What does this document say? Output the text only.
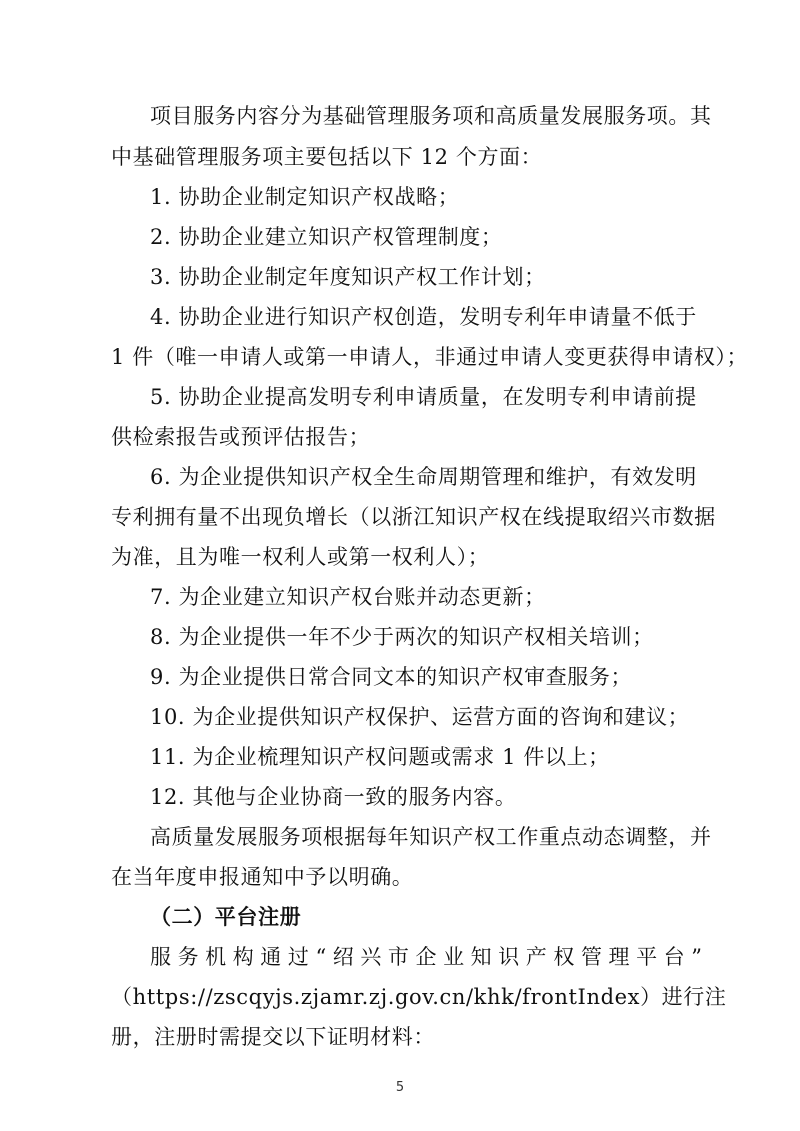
项目服务内容分为基础管理服务项和高质量发展服务项。其
中基础管理服务项主要包括以下 12 个方面：
1. 协助企业制定知识产权战略；
2. 协助企业建立知识产权管理制度；
3. 协助企业制定年度知识产权工作计划；
4. 协助企业进行知识产权创造，发明专利年申请量不低于
1 件（唯一申请人或第一申请人，非通过申请人变更获得申请权）；
5. 协助企业提高发明专利申请质量，在发明专利申请前提
供检索报告或预评估报告；
6. 为企业提供知识产权全生命周期管理和维护，有效发明
专利拥有量不出现负增长（以浙江知识产权在线提取绍兴市数据
为准，且为唯一权利人或第一权利人）；
7. 为企业建立知识产权台账并动态更新；
8. 为企业提供一年不少于两次的知识产权相关培训；
9. 为企业提供日常合同文本的知识产权审查服务；
10. 为企业提供知识产权保护、运营方面的咨询和建议；
11. 为企业梳理知识产权问题或需求 1 件以上；
12. 其他与企业协商一致的服务内容。
高质量发展服务项根据每年知识产权工作重点动态调整，并
在当年度申报通知中予以明确。
（二）平台注册
服务机构通过“绍兴市企业知识产权管理平台”
（https://zscqyjs.zjamr.zj.gov.cn/khk/frontIndex）进行注
册，注册时需提交以下证明材料：
5
